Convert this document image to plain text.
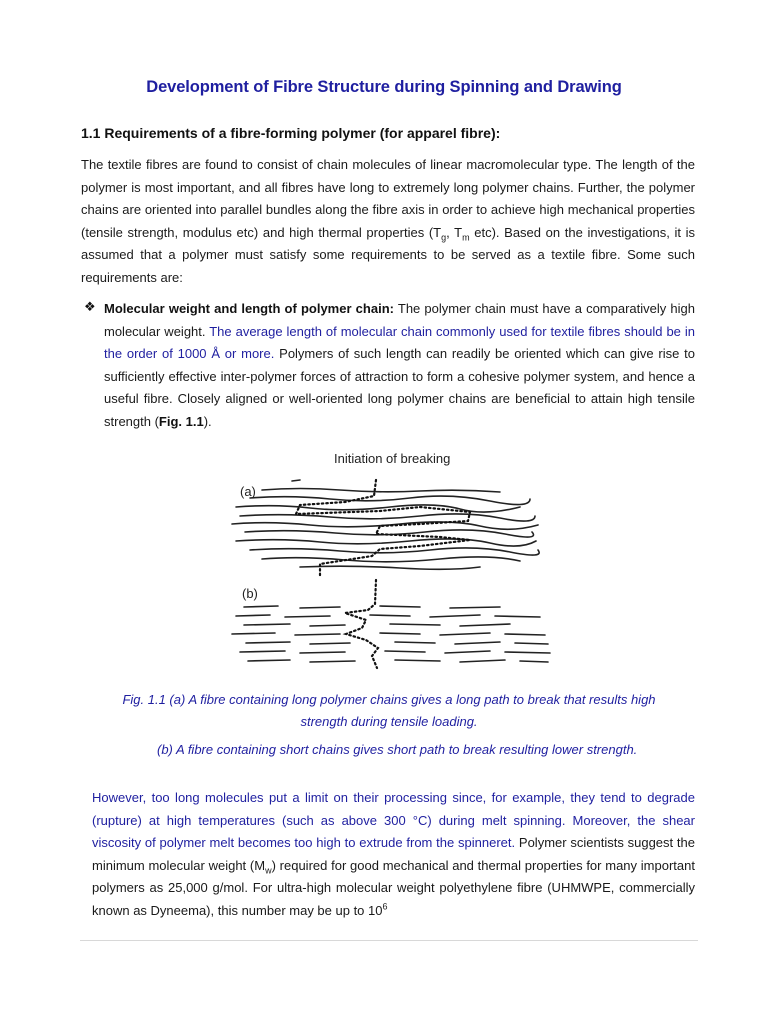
Development of Fibre Structure during Spinning and Drawing
1.1 Requirements of a fibre-forming polymer (for apparel fibre):
The textile fibres are found to consist of chain molecules of linear macromolecular type. The length of the polymer is most important, and all fibres have long to extremely long polymer chains. Further, the polymer chains are oriented into parallel bundles along the fibre axis in order to achieve high mechanical properties (tensile strength, modulus etc) and high thermal properties ($T_g$, $T_m$ etc). Based on the investigations, it is assumed that a polymer must satisfy some requirements to be served as a textile fibre. Some such requirements are:
❖ Molecular weight and length of polymer chain: The polymer chain must have a comparatively high molecular weight. The average length of molecular chain commonly used for textile fibres should be in the order of 1000 Å or more. Polymers of such length can readily be oriented which can give rise to sufficiently effective inter-polymer forces of attraction to form a cohesive polymer system, and hence a useful fibre. Closely aligned or well-oriented long polymer chains are beneficial to attain high tensile strength (Fig. 1.1).
Initiation of breaking
(a)
(b)
Fig. 1.1 (a) A fibre containing long polymer chains gives a long path to break that results high strength during tensile loading.
(b) A fibre containing short chains gives short path to break resulting lower strength.
However, too long molecules put a limit on their processing since, for example, they tend to degrade (rupture) at high temperatures (such as above 300 °C) during melt spinning. Moreover, the shear viscosity of polymer melt becomes too high to extrude from the spinneret. Polymer scientists suggest the minimum molecular weight $(M_w)$ required for good mechanical and thermal properties for many important polymers as 25,000 g/mol. For ultra-high molecular weight polyethylene fibre (UHMWPE, commercially known as Dyneema), this number may be up to $10^6$
